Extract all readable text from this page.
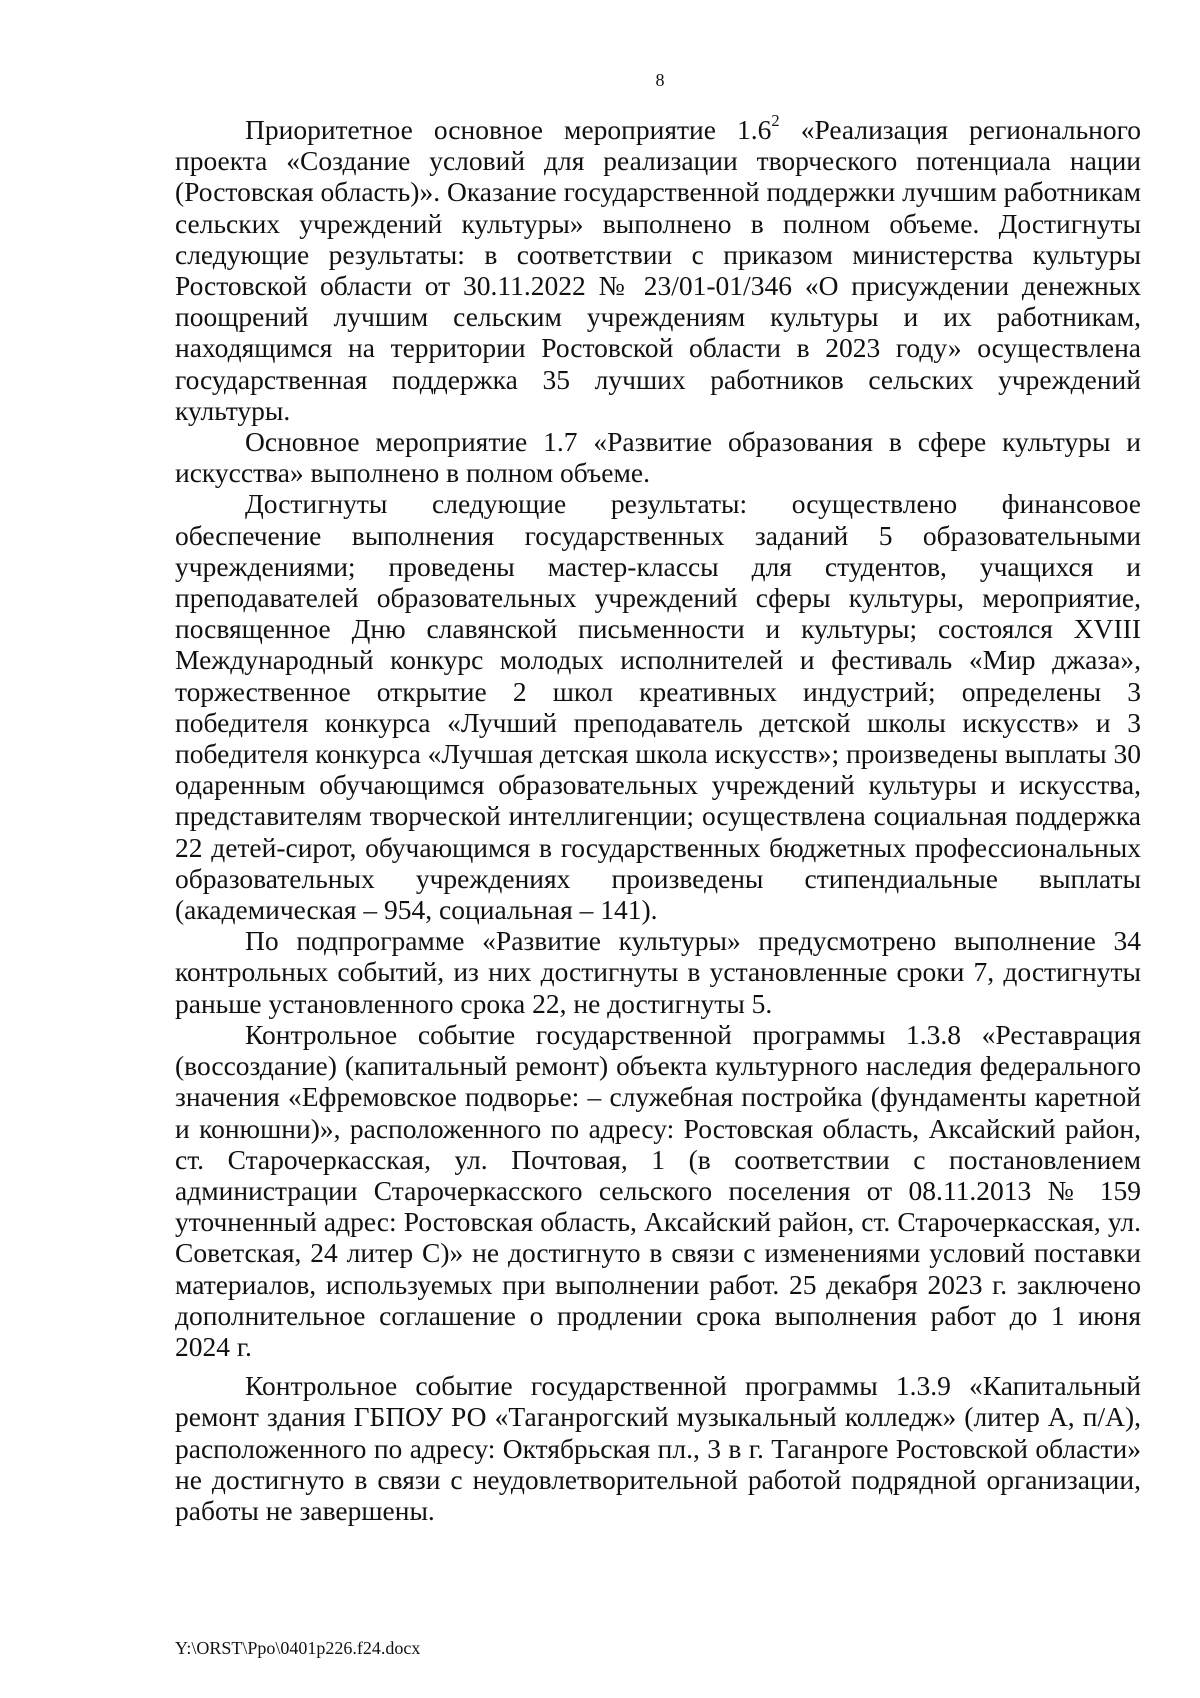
8

Приоритетное основное мероприятие $1.6^2$ «Реализация регионального проекта «Создание условий для реализации творческого потенциала нации (Ростовская область)». Оказание государственной поддержки лучшим работникам сельских учреждений культуры» выполнено в полном объеме. Достигнуты следующие результаты: в соответствии с приказом министерства культуры Ростовской области от 30.11.2022 № 23/01-01/346 «О присуждении денежных поощрений лучшим сельским учреждениям культуры и их работникам, находящимся на территории Ростовской области в 2023 году» осуществлена государственная поддержка 35 лучших работников сельских учреждений культуры.

Основное мероприятие 1.7 «Развитие образования в сфере культуры и искусства» выполнено в полном объеме.

Достигнуты следующие результаты: осуществлено финансовое обеспечение выполнения государственных заданий 5 образовательными учреждениями; проведены мастер-классы для студентов, учащихся и преподавателей образовательных учреждений сферы культуры, мероприятие, посвященное Дню славянской письменности и культуры; состоялся XVIII Международный конкурс молодых исполнителей и фестиваль «Мир джаза», торжественное открытие 2 школ креативных индустрий; определены 3 победителя конкурса «Лучший преподаватель детской школы искусств» и 3 победителя конкурса «Лучшая детская школа искусств»; произведены выплаты 30 одаренным обучающимся образовательных учреждений культуры и искусства, представителям творческой интеллигенции; осуществлена социальная поддержка 22 детей-сирот, обучающимся в государственных бюджетных профессиональных образовательных учреждениях произведены стипендиальные выплаты (академическая – 954, социальная – 141).

По подпрограмме «Развитие культуры» предусмотрено выполнение 34 контрольных событий, из них достигнуты в установленные сроки 7, достигнуты раньше установленного срока 22, не достигнуты 5.

Контрольное событие государственной программы 1.3.8 «Реставрация (воссоздание) (капитальный ремонт) объекта культурного наследия федерального значения «Ефремовское подворье: – служебная постройка (фундаменты каретной и конюшни)», расположенного по адресу: Ростовская область, Аксайский район, ст. Старочеркасская, ул. Почтовая, 1 (в соответствии с постановлением администрации Старочеркасского сельского поселения от 08.11.2013 № 159 уточненный адрес: Ростовская область, Аксайский район, ст. Старочеркасская, ул. Советская, 24 литер С)» не достигнуто в связи с изменениями условий поставки материалов, используемых при выполнении работ. 25 декабря 2023 г. заключено дополнительное соглашение о продлении срока выполнения работ до 1 июня 2024 г.

Контрольное событие государственной программы 1.3.9 «Капитальный ремонт здания ГБПОУ РО «Таганрогский музыкальный колледж» (литер А, п/А), расположенного по адресу: Октябрьская пл., 3 в г. Таганроге Ростовской области» не достигнуто в связи с неудовлетворительной работой подрядной организации, работы не завершены.

Y:\ORST\Ppo\0401p226.f24.docx
